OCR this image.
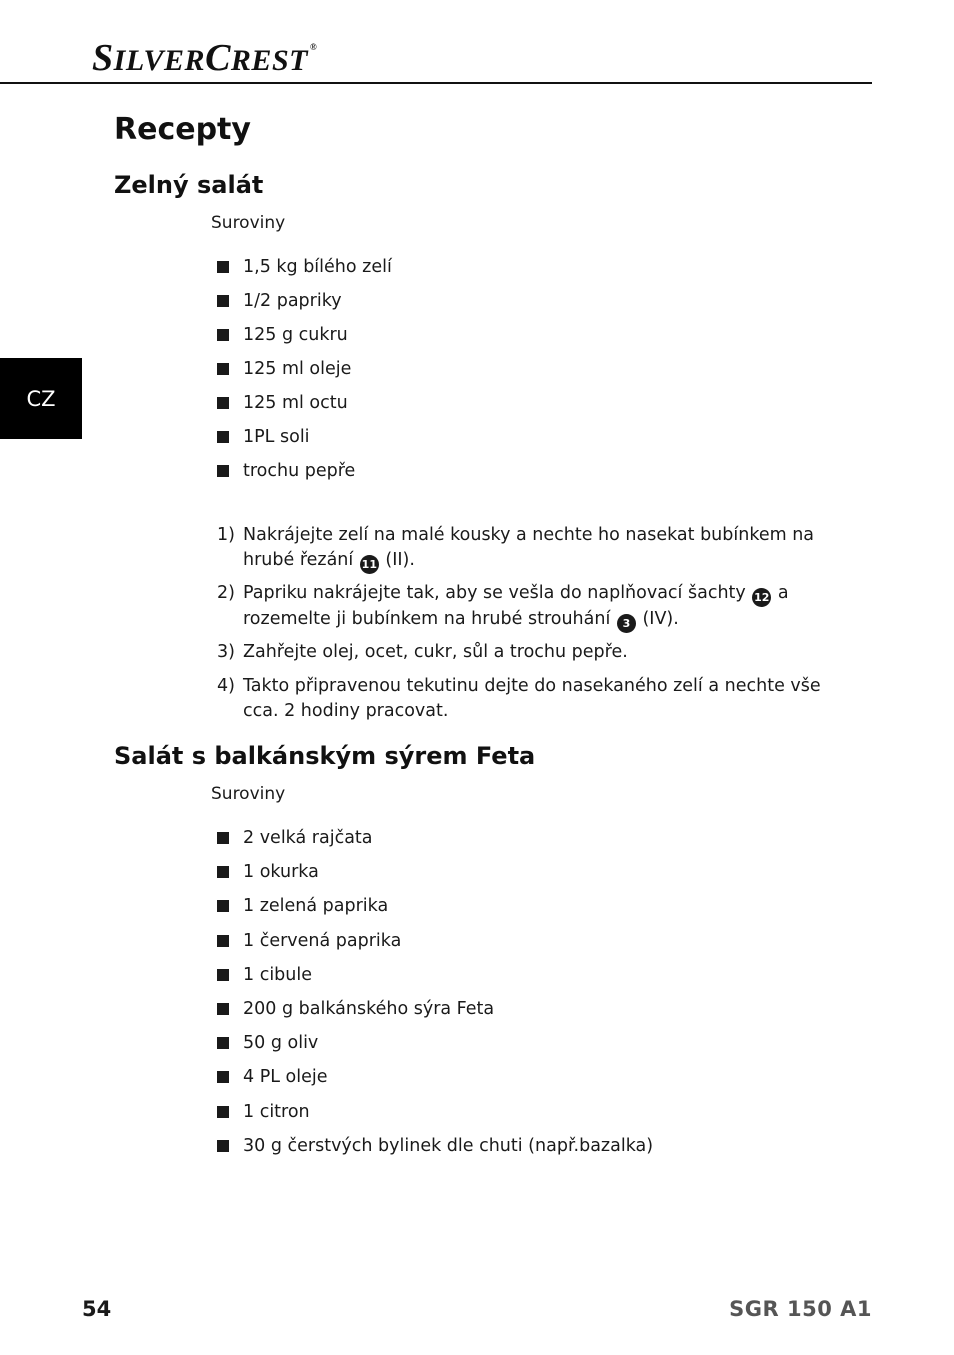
SILVERCREST ®
CZ
Recepty
Zelný salát
Suroviny
1,5 kg bílého zelí
1/2 papriky
125 g cukru
125 ml oleje
125 ml octu
1PL soli
trochu pepře
1) Nakrájejte zelí na malé kousky a nechte ho nasekat bubínkem na hrubé řezání 11 (II).
2) Papriku nakrájejte tak, aby se vešla do naplňovací šachty 12 a rozemelte ji bubínkem na hrubé strouhání 3 (IV).
3) Zahřejte olej, ocet, cukr, sůl a trochu pepře.
4) Takto připravenou tekutinu dejte do nasekaného zelí a nechte vše cca. 2 hodiny pracovat.
Salát s balkánským sýrem Feta
Suroviny
2 velká rajčata
1 okurka
1 zelená paprika
1 červená paprika
1 cibule
200 g balkánského sýra Feta
50 g oliv
4 PL oleje
1 citron
30 g čerstvých bylinek dle chuti (např.bazalka)
54	SGR 150 A1
